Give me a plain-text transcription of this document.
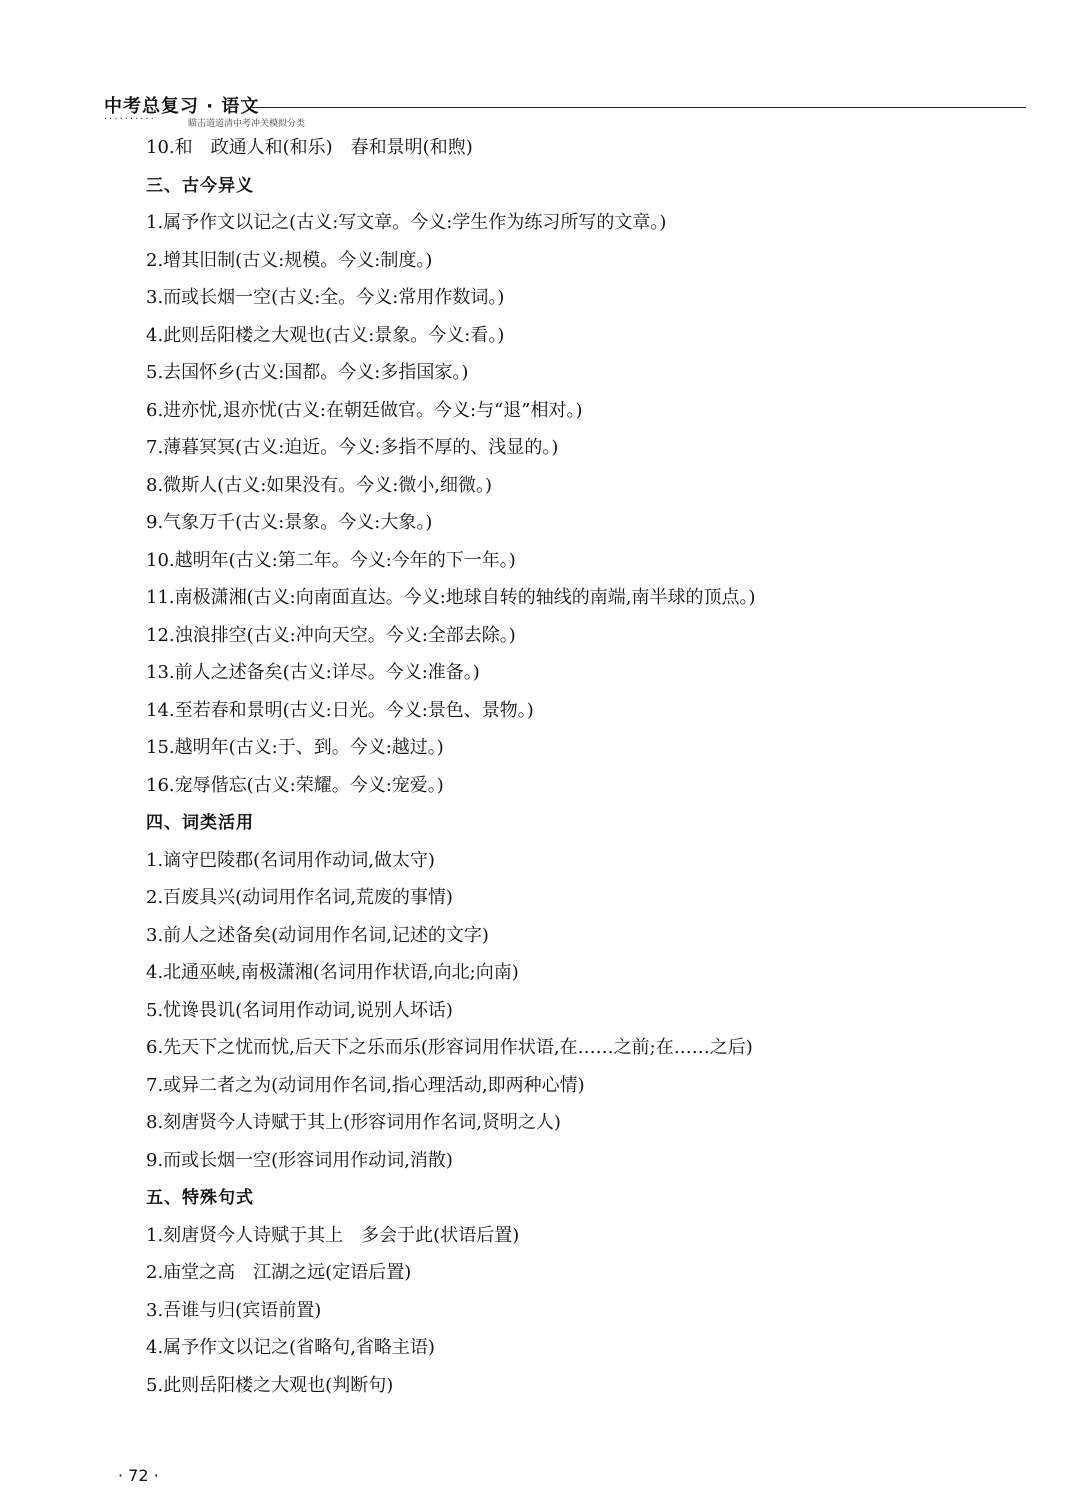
中考总复习 · 语文
··········	瞄击道道清中考冲关模拟分类
10.和　政通人和(和乐)　春和景明(和煦)
三、古今异义
1.属予作文以记之(古义:写文章。今义:学生作为练习所写的文章。)
2.增其旧制(古义:规模。今义:制度。)
3.而或长烟一空(古义:全。今义:常用作数词。)
4.此则岳阳楼之大观也(古义:景象。今义:看。)
5.去国怀乡(古义:国都。今义:多指国家。)
6.进亦忧,退亦忧(古义:在朝廷做官。今义:与“退”相对。)
7.薄暮冥冥(古义:迫近。今义:多指不厚的、浅显的。)
8.微斯人(古义:如果没有。今义:微小,细微。)
9.气象万千(古义:景象。今义:大象。)
10.越明年(古义:第二年。今义:今年的下一年。)
11.南极潇湘(古义:向南面直达。今义:地球自转的轴线的南端,南半球的顶点。)
12.浊浪排空(古义:冲向天空。今义:全部去除。)
13.前人之述备矣(古义:详尽。今义:准备。)
14.至若春和景明(古义:日光。今义:景色、景物。)
15.越明年(古义:于、到。今义:越过。)
16.宠辱偕忘(古义:荣耀。今义:宠爱。)
四、词类活用
1.谪守巴陵郡(名词用作动词,做太守)
2.百废具兴(动词用作名词,荒废的事情)
3.前人之述备矣(动词用作名词,记述的文字)
4.北通巫峡,南极潇湘(名词用作状语,向北;向南)
5.忧谗畏讥(名词用作动词,说别人坏话)
6.先天下之忧而忧,后天下之乐而乐(形容词用作状语,在……之前;在……之后)
7.或异二者之为(动词用作名词,指心理活动,即两种心情)
8.刻唐贤今人诗赋于其上(形容词用作名词,贤明之人)
9.而或长烟一空(形容词用作动词,消散)
五、特殊句式
1.刻唐贤今人诗赋于其上　多会于此(状语后置)
2.庙堂之高　江湖之远(定语后置)
3.吾谁与归(宾语前置)
4.属予作文以记之(省略句,省略主语)
5.此则岳阳楼之大观也(判断句)
· 72 ·
